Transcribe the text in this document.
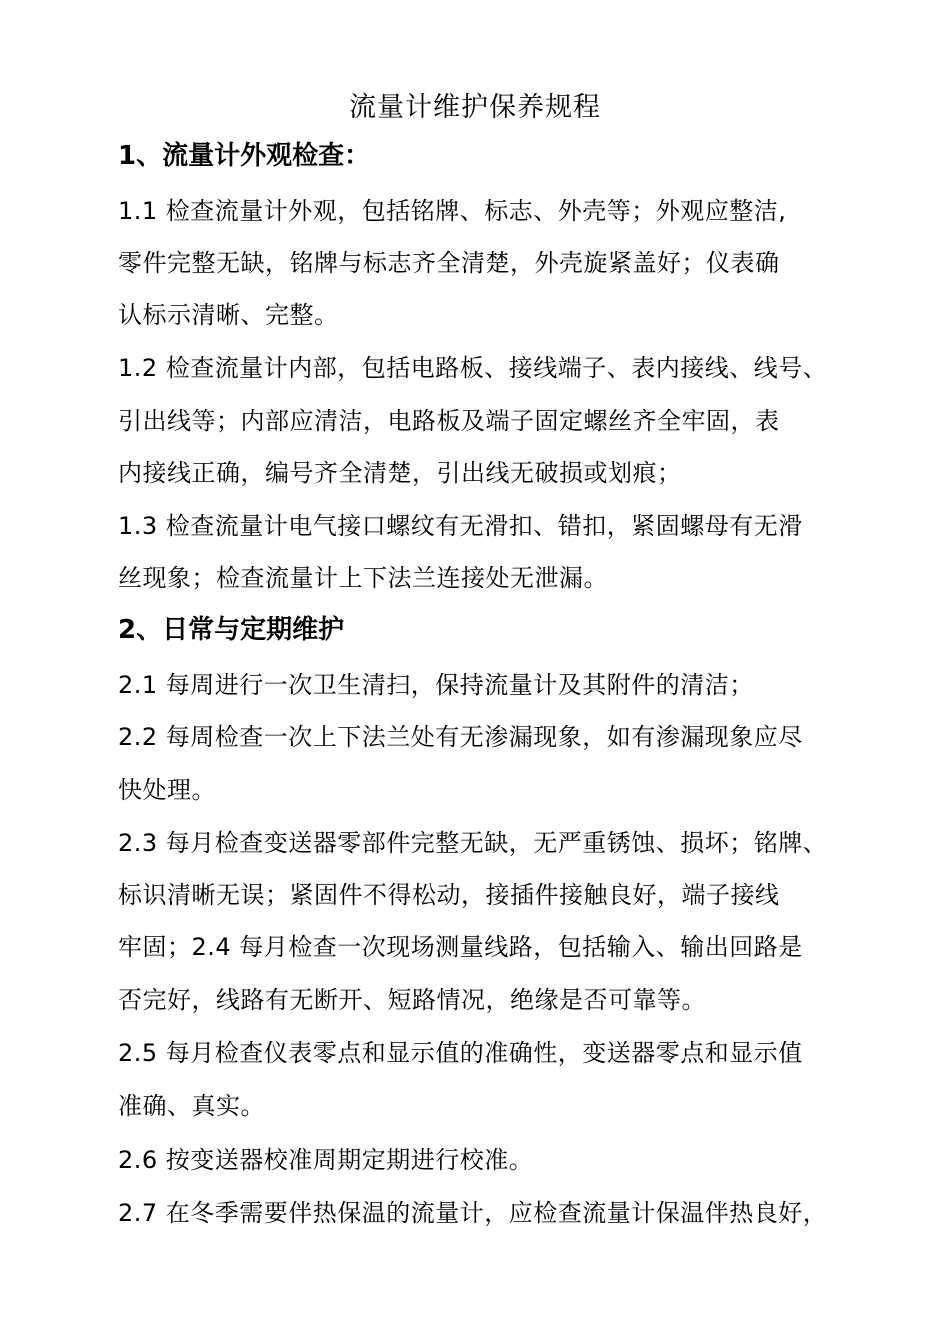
流量计维护保养规程
1、流量计外观检查：
1.1 检查流量计外观，包括铭牌、标志、外壳等；外观应整洁,
零件完整无缺，铭牌与标志齐全清楚，外壳旋紧盖好；仪表确
认标示清晰、完整。
1.2 检查流量计内部，包括电路板、接线端子、表内接线、线号、
引出线等；内部应清洁，电路板及端子固定螺丝齐全牢固，表
内接线正确，编号齐全清楚，引出线无破损或划痕；
1.3 检查流量计电气接口螺纹有无滑扣、错扣，紧固螺母有无滑
丝现象；检查流量计上下法兰连接处无泄漏。
2、日常与定期维护
2.1 每周进行一次卫生清扫，保持流量计及其附件的清洁；
2.2 每周检查一次上下法兰处有无渗漏现象，如有渗漏现象应尽
快处理。
2.3 每月检查变送器零部件完整无缺，无严重锈蚀、损坏；铭牌、
标识清晰无误；紧固件不得松动，接插件接触良好，端子接线
牢固；2.4 每月检查一次现场测量线路，包括输入、输出回路是
否完好，线路有无断开、短路情况，绝缘是否可靠等。
2.5 每月检查仪表零点和显示值的准确性，变送器零点和显示值
准确、真实。
2.6 按变送器校准周期定期进行校准。
2.7 在冬季需要伴热保温的流量计，应检查流量计保温伴热良好，
